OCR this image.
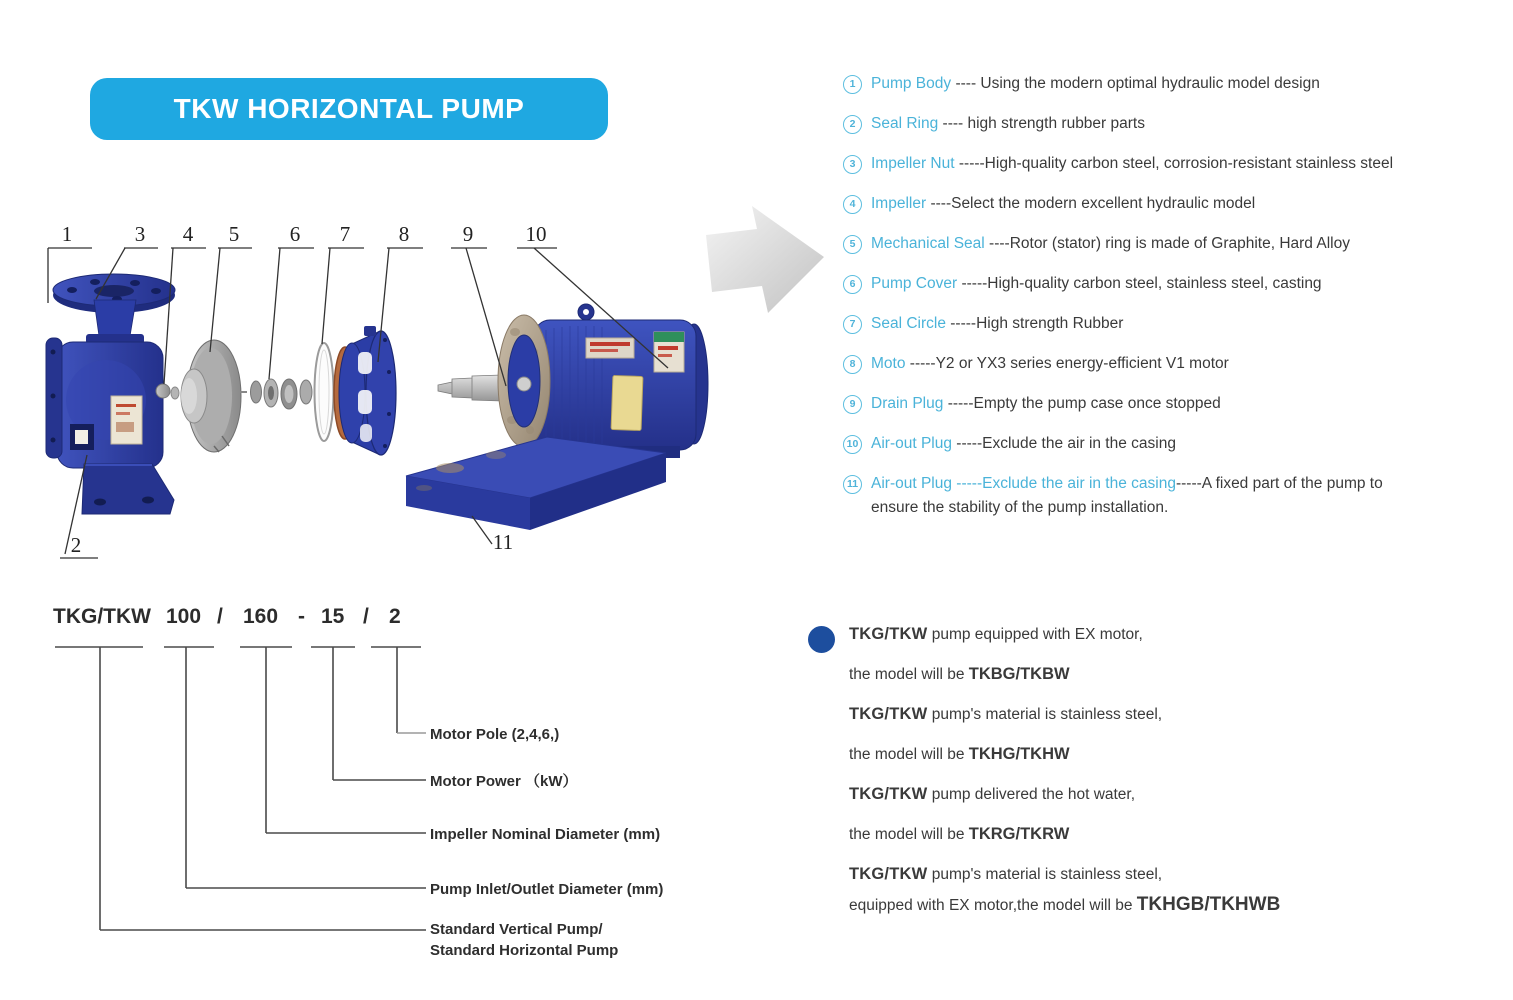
TKW HORIZONTAL PUMP
1	3 4 5 6 7 8	9 10
2	11
1	Pump Body ---- Using the modern optimal hydraulic model design
2	Seal Ring ---- high strength rubber parts
3	Impeller Nut -----High-quality carbon steel, corrosion-resistant stainless steel
4	Impeller ----Select the modern excellent hydraulic model
5	Mechanical Seal ----Rotor (stator) ring is made of Graphite, Hard Alloy
6	Pump Cover -----High-quality carbon steel, stainless steel, casting
7	Seal Circle -----High strength Rubber
8	Moto -----Y2 or YX3 series energy-efficient V1 motor
9	Drain Plug -----Empty the pump case once stopped
10 Air-out Plug -----Exclude the air in the casing
11 Air-out Plug -----Exclude the air in the casing-----A fixed part of the pump to
ensure the stability of the pump installation.
TKG/TKW 100 / 160 - 15 / 2
Motor Pole (2,4,6,)
Motor Power （kW）
Impeller Nominal Diameter (mm)
Pump Inlet/Outlet Diameter (mm)
Standard Vertical Pump/
Standard Horizontal Pump

TKG/TKW pump equipped with EX motor,

the model will be TKBG/TKBW

TKG/TKW pump's material is stainless steel,

the model will be TKHG/TKHW

TKG/TKW pump delivered the hot water,

the model will be TKRG/TKRW

TKG/TKW pump's material is stainless steel,

equipped with EX motor,the model will be TKHGB/TKHWB
